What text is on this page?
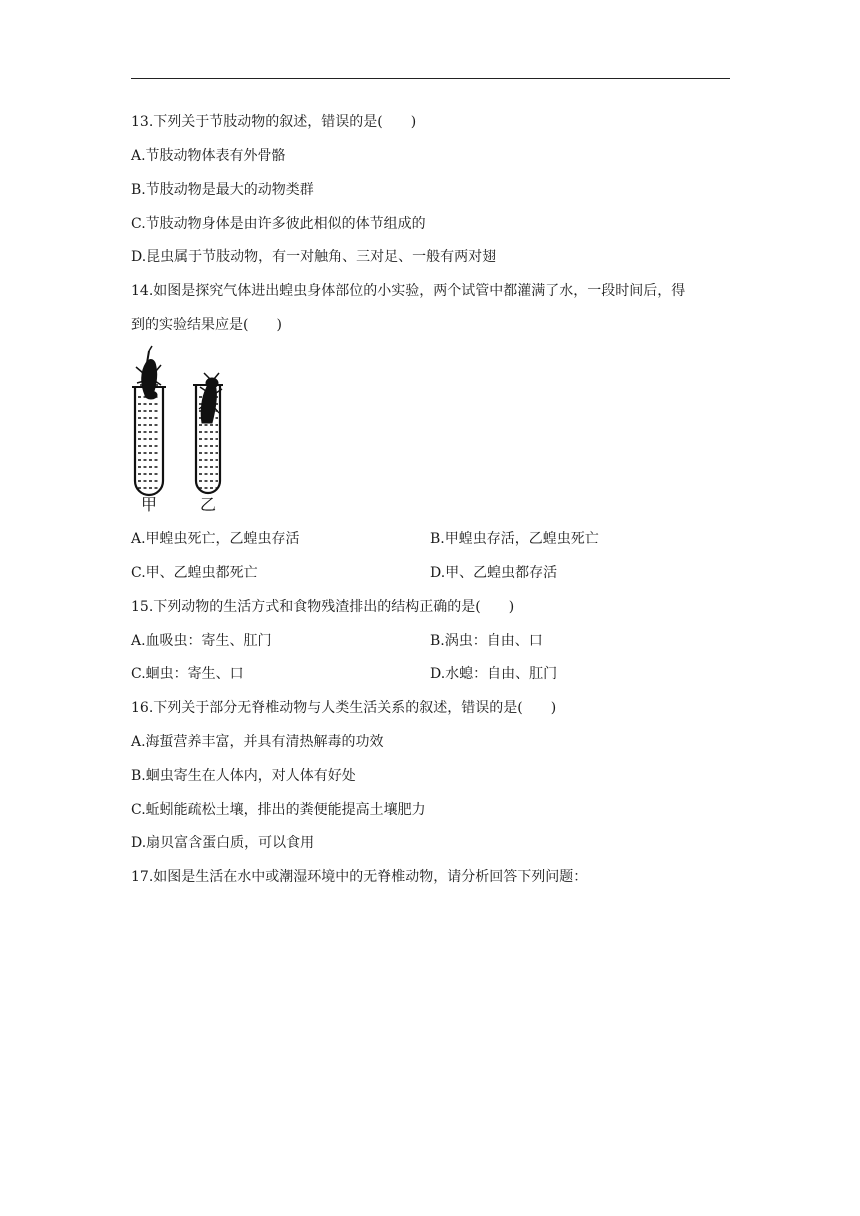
13.下列关于节肢动物的叙述，错误的是(　　)
A.节肢动物体表有外骨骼
B.节肢动物是最大的动物类群
C.节肢动物身体是由许多彼此相似的体节组成的
D.昆虫属于节肢动物，有一对触角、三对足、一般有两对翅
14.如图是探究气体进出蝗虫身体部位的小实验，两个试管中都灌满了水，一段时间后，得
到的实验结果应是(　　)
甲	乙
A.甲蝗虫死亡，乙蝗虫存活	B.甲蝗虫存活，乙蝗虫死亡
C.甲、乙蝗虫都死亡	D.甲、乙蝗虫都存活
15.下列动物的生活方式和食物残渣排出的结构正确的是(　　)
A.血吸虫：寄生、肛门	B.涡虫：自由、口
C.蛔虫：寄生、口	D.水螅：自由、肛门
16.下列关于部分无脊椎动物与人类生活关系的叙述，错误的是(　　)
A.海蜇营养丰富，并具有清热解毒的功效
B.蛔虫寄生在人体内，对人体有好处
C.蚯蚓能疏松土壤，排出的粪便能提高土壤肥力
D.扇贝富含蛋白质，可以食用
17.如图是生活在水中或潮湿环境中的无脊椎动物，请分析回答下列问题：
